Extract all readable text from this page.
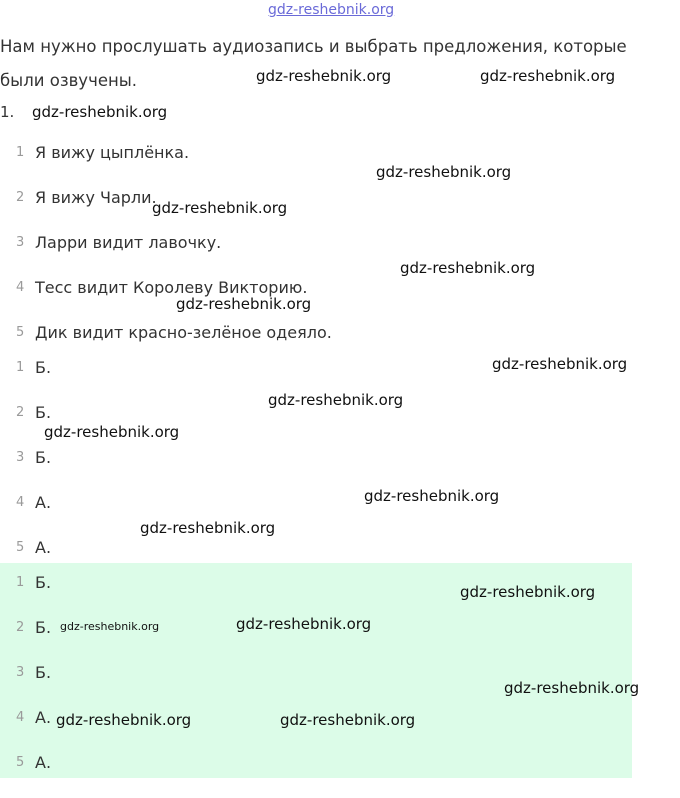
gdz-reshebnik.org
Нам нужно прослушать аудиозапись и выбрать предложения, которые были озвучены.
1.
1 Я вижу цыплёнка.
2 Я вижу Чарли.
3 Ларри видит лавочку.
4 Тесс видит Королеву Викторию.
5 Дик видит красно-зелёное одеяло.
1 Б.
2 Б.
3 Б.
4 А.
5 А.
1 Б.
2 Б.
3 Б.
4 А.
5 А.
gdz-reshebnik.org	gdz-reshebnik.org
gdz-reshebnik.org
gdz-reshebnik.org
gdz-reshebnik.org
gdz-reshebnik.org
gdz-reshebnik.org
gdz-reshebnik.org
gdz-reshebnik.org
gdz-reshebnik.org
gdz-reshebnik.org
gdz-reshebnik.org
gdz-reshebnik.org
gdz-reshebnik.org	gdz-reshebnik.org
gdz-reshebnik.org
gdz-reshebnik.org	gdz-reshebnik.org
